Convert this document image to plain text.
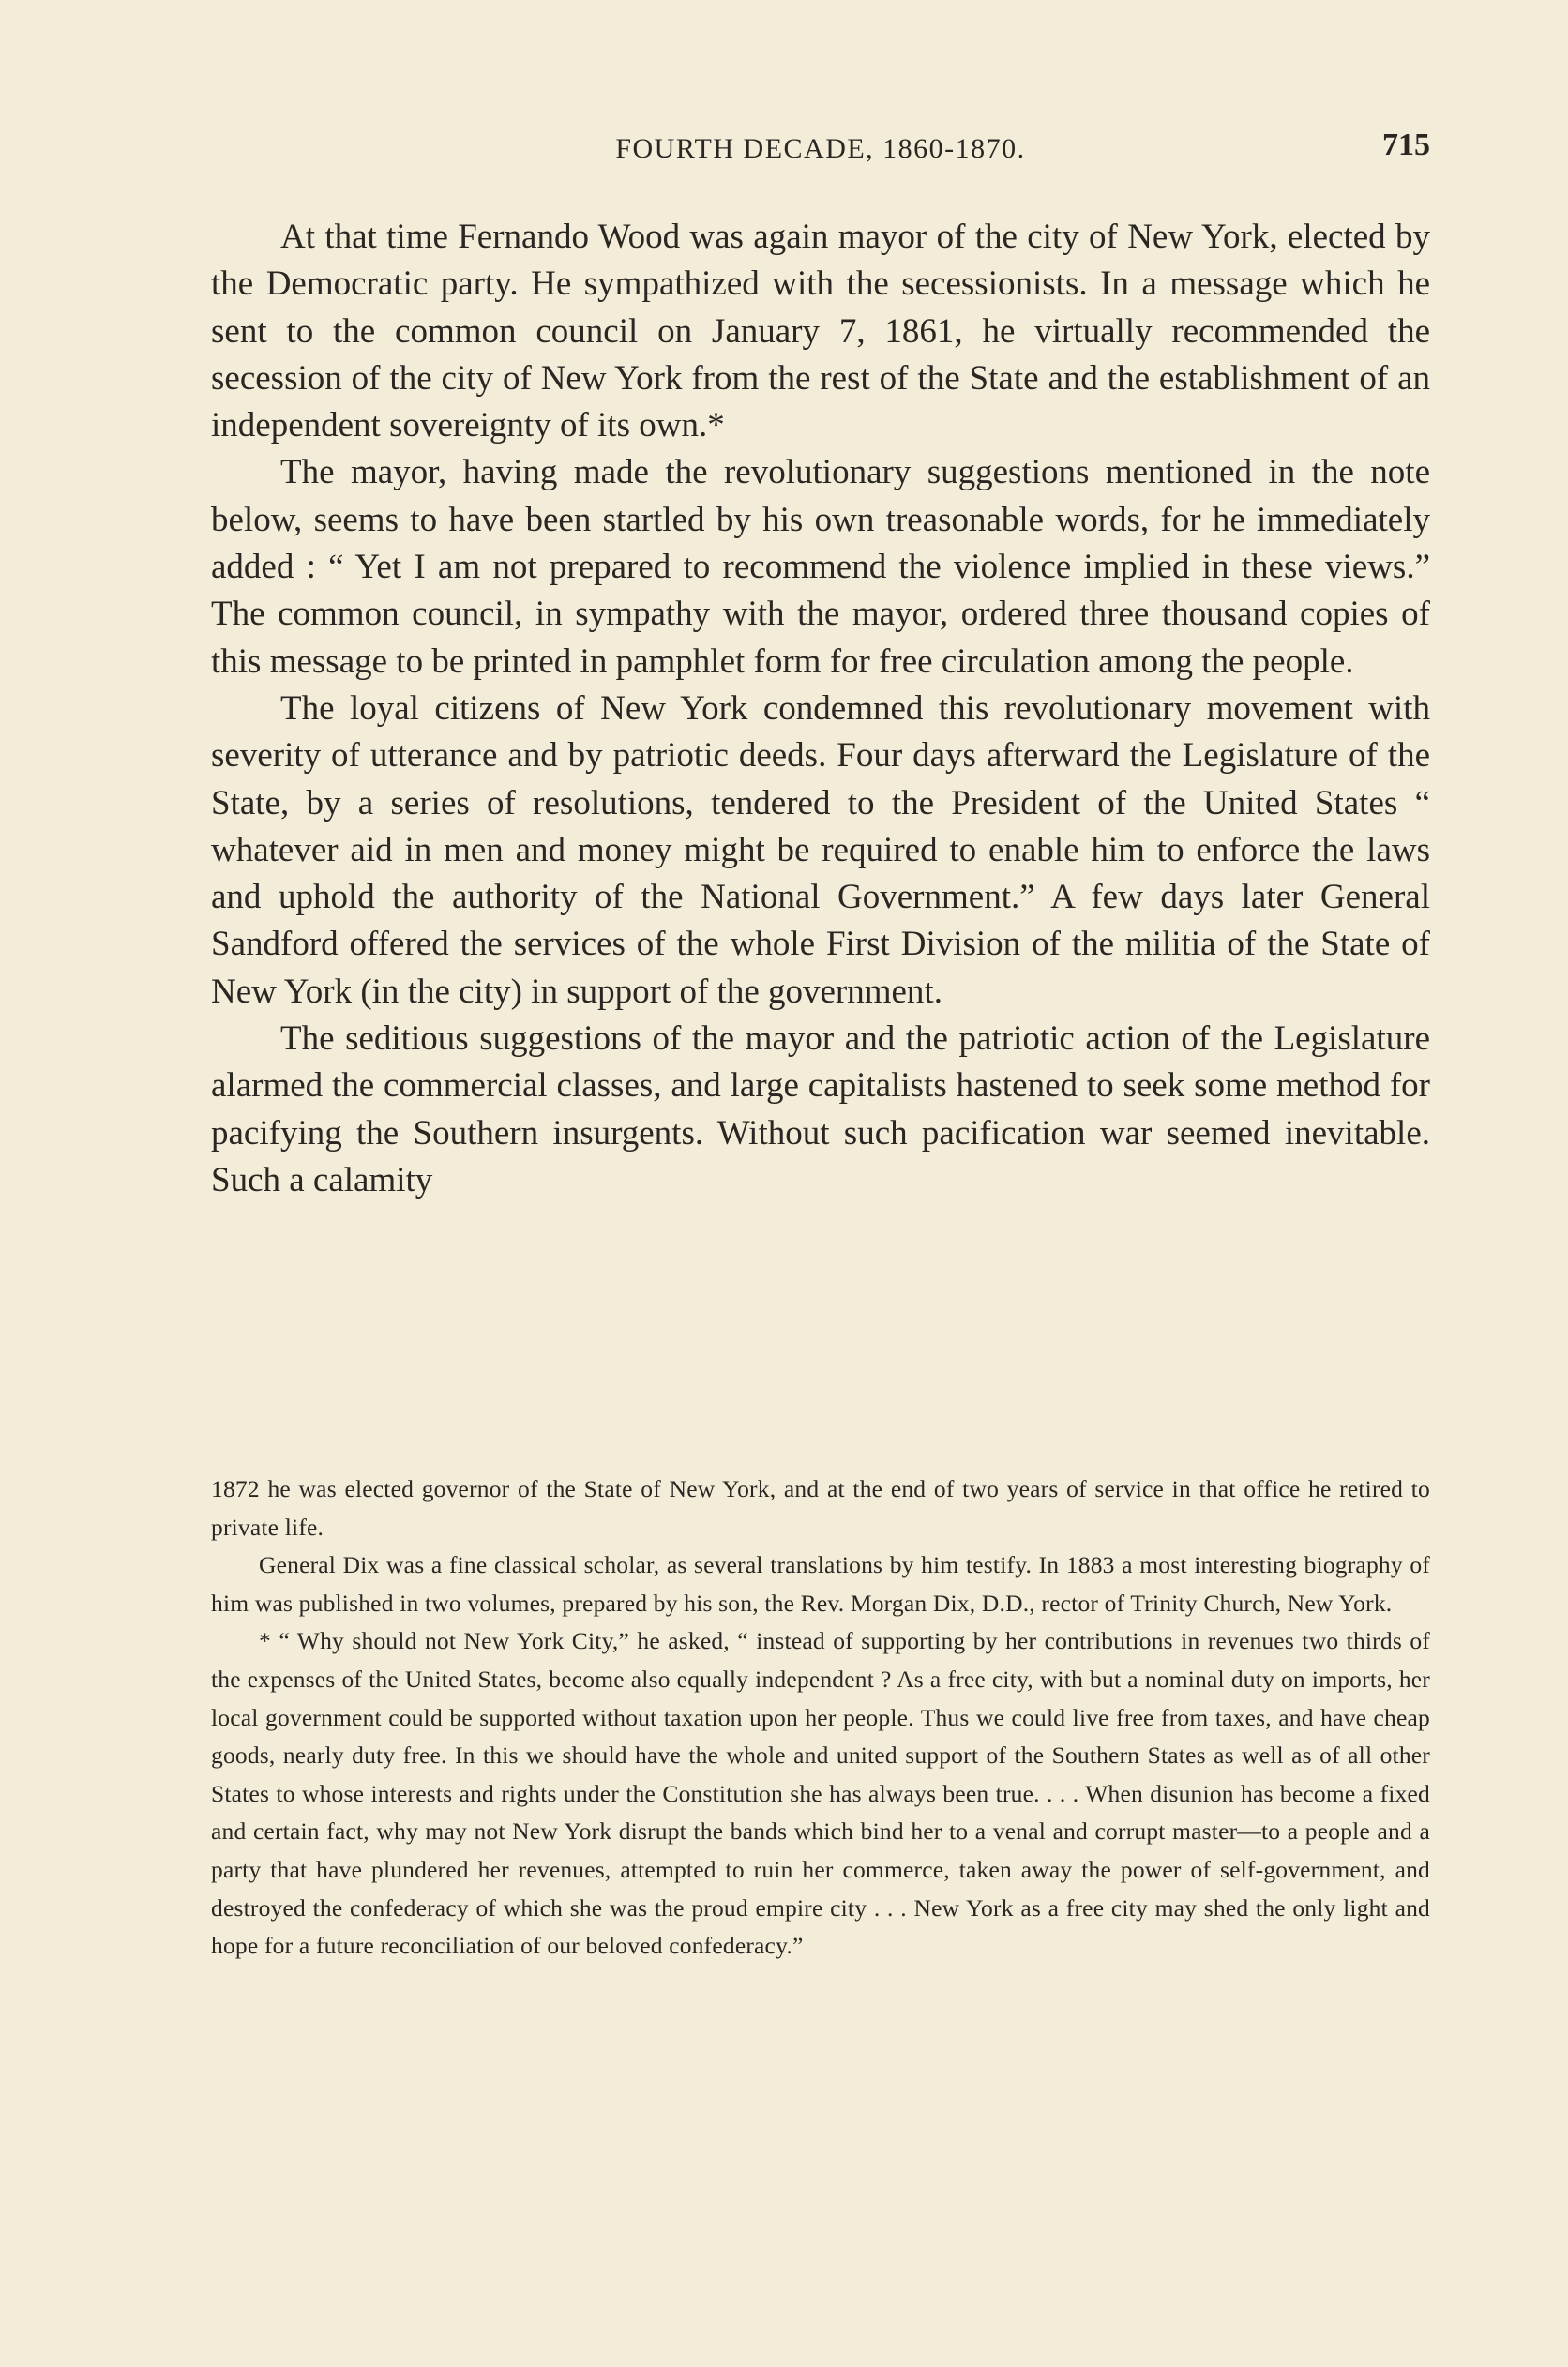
FOURTH DECADE, 1860-1870.	715

At that time Fernando Wood was again mayor of the city of New York, elected by the Democratic party. He sympathized with the secessionists. In a message which he sent to the common council on January 7, 1861, he virtually recommended the secession of the city of New York from the rest of the State and the establishment of an independent sovereignty of its own.*

The mayor, having made the revolutionary suggestions mentioned in the note below, seems to have been startled by his own treasonable words, for he immediately added : “ Yet I am not prepared to recommend the violence implied in these views.” The common council, in sympathy with the mayor, ordered three thousand copies of this message to be printed in pamphlet form for free circulation among the people.

The loyal citizens of New York condemned this revolutionary movement with severity of utterance and by patriotic deeds. Four days afterward the Legislature of the State, by a series of resolutions, tendered to the President of the United States “ whatever aid in men and money might be required to enable him to enforce the laws and uphold the authority of the National Government.” A few days later General Sandford offered the services of the whole First Division of the militia of the State of New York (in the city) in support of the government.

The seditious suggestions of the mayor and the patriotic action of the Legislature alarmed the commercial classes, and large capitalists hastened to seek some method for pacifying the Southern insurgents. Without such pacification war seemed inevitable. Such a calamity

1872 he was elected governor of the State of New York, and at the end of two years of service in that office he retired to private life.

General Dix was a fine classical scholar, as several translations by him testify. In 1883 a most interesting biography of him was published in two volumes, prepared by his son, the Rev. Morgan Dix, D.D., rector of Trinity Church, New York.

* “ Why should not New York City,” he asked, “ instead of supporting by her contributions in revenues two thirds of the expenses of the United States, become also equally independent ? As a free city, with but a nominal duty on imports, her local government could be supported without taxation upon her people. Thus we could live free from taxes, and have cheap goods, nearly duty free. In this we should have the whole and united support of the Southern States as well as of all other States to whose interests and rights under the Constitution she has always been true. . . . When disunion has become a fixed and certain fact, why may not New York disrupt the bands which bind her to a venal and corrupt master—to a people and a party that have plundered her revenues, attempted to ruin her commerce, taken away the power of self-government, and destroyed the confederacy of which she was the proud empire city . . . New York as a free city may shed the only light and hope for a future reconciliation of our beloved confederacy.”
